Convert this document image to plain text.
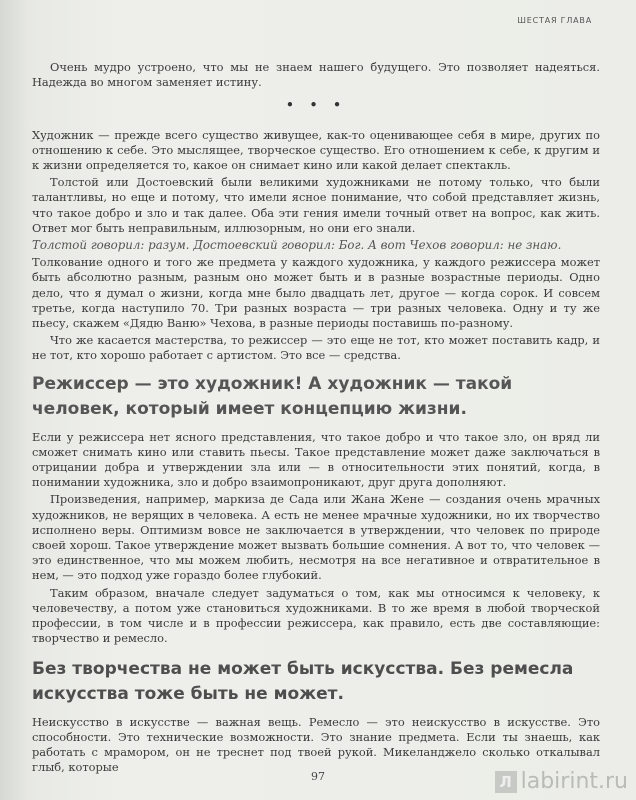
ШЕСТАЯ ГЛАВА

Очень мудро устроено, что мы не знаем нашего будущего. Это позволяет надеяться. Надежда во многом заменяет истину.

• • •

Художник — прежде всего существо живущее, как-то оценивающее себя в мире, других по отношению к себе. Это мыслящее, творческое существо. Его отношением к себе, к другим и к жизни определяется то, какое он снимает кино или какой делает спектакль.

Толстой или Достоевский были великими художниками не потому только, что были талантливы, но еще и потому, что имели ясное понимание, что собой представляет жизнь, что такое добро и зло и так далее. Оба эти гения имели точный ответ на вопрос, как жить. Ответ мог быть неправильным, иллюзорным, но они его знали.

Толстой говорил: разум. Достоевский говорил: Бог. А вот Чехов говорил: не знаю.

Толкование одного и того же предмета у каждого художника, у каждого режиссера может быть абсолютно разным, разным оно может быть и в разные возрастные периоды. Одно дело, что я думал о жизни, когда мне было двадцать лет, другое — когда сорок. И совсем третье, когда наступило 70. Три разных возраста — три разных человека. Одну и ту же пьесу, скажем «Дядю Ваню» Чехова, в разные периоды поставишь по-разному.

Что же касается мастерства, то режиссер — это еще не тот, кто может поставить кадр, и не тот, кто хорошо работает с артистом. Это все — средства.

Режиссер — это художник! А художник — такой человек, который имеет концепцию жизни.

Если у режиссера нет ясного представления, что такое добро и что такое зло, он вряд ли сможет снимать кино или ставить пьесы. Такое представление может даже заключаться в отрицании добра и утверждении зла или — в относительности этих понятий, когда, в понимании художника, зло и добро взаимопроникают, друг друга дополняют.

Произведения, например, маркиза де Сада или Жана Жене — создания очень мрачных художников, не верящих в человека. А есть не менее мрачные художники, но их творчество исполнено веры. Оптимизм вовсе не заключается в утверждении, что человек по природе своей хорош. Такое утверждение может вызвать большие сомнения. А вот то, что человек — это единственное, что мы можем любить, несмотря на все негативное и отвратительное в нем, — это подход уже гораздо более глубокий.

Таким образом, вначале следует задуматься о том, как мы относимся к человеку, к человечеству, а потом уже становиться художниками. В то же время в любой творческой профессии, в том числе и в профессии режиссера, как правило, есть две составляющие: творчество и ремесло.

Без творчества не может быть искусства. Без ремесла искусства тоже быть не может.

Неискусство в искусстве — важная вещь. Ремесло — это неискусство в искусстве. Это способности. Это технические возможности. Это знание предмета. Если ты знаешь, как работать с мрамором, он не треснет под твоей рукой. Микеланджело сколько откалывал глыб, которые

97	Л labirint.ru
